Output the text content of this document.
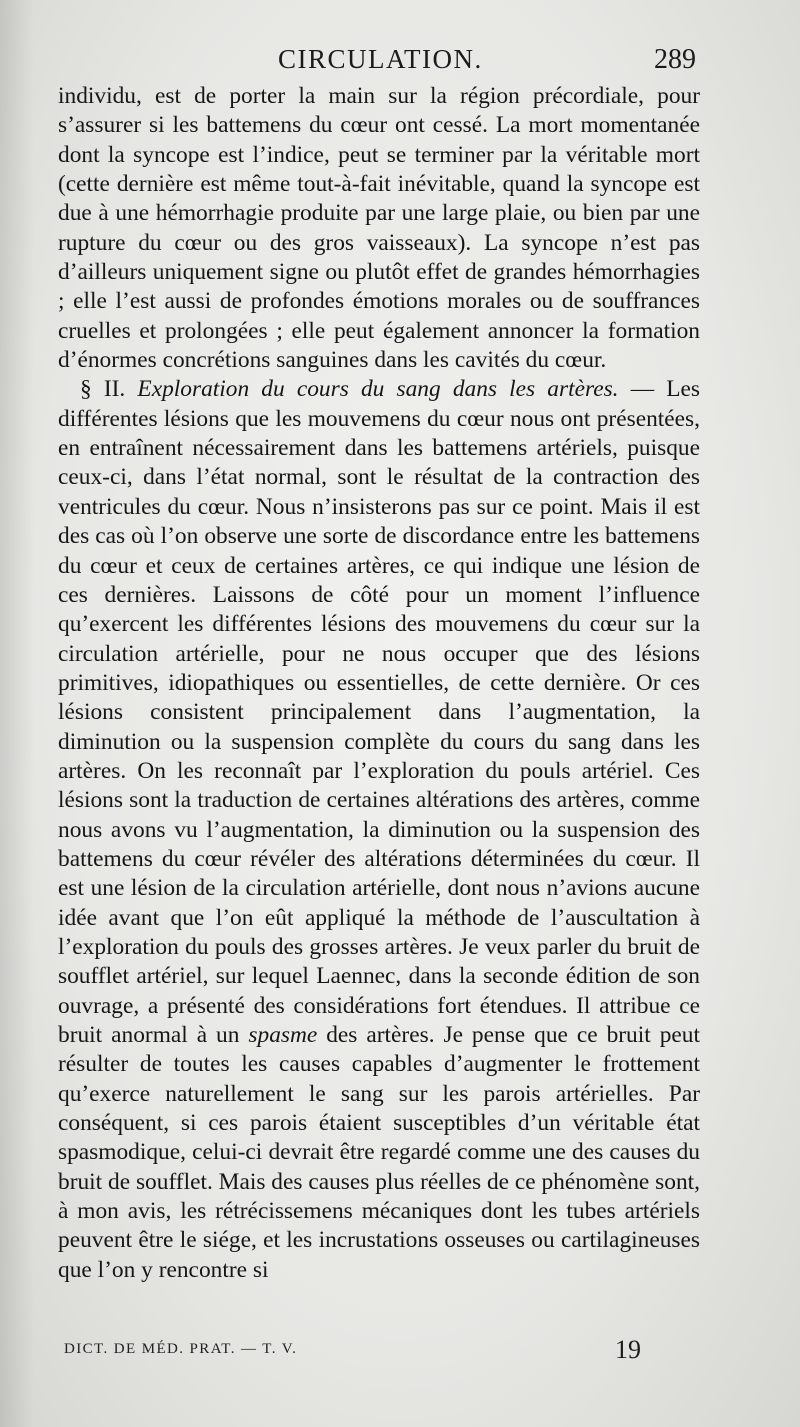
CIRCULATION.	289

individu, est de porter la main sur la région précordiale, pour s’assurer si les battemens du cœur ont cessé. La mort momentanée dont la syncope est l’indice, peut se terminer par la véritable mort (cette dernière est même tout-à-fait inévitable, quand la syncope est due à une hémorrhagie produite par une large plaie, ou bien par une rupture du cœur ou des gros vaisseaux). La syncope n’est pas d’ailleurs uniquement signe ou plutôt effet de grandes hémorrhagies ; elle l’est aussi de profondes émotions morales ou de souffrances cruelles et prolongées ; elle peut également annoncer la formation d’énormes concrétions sanguines dans les cavités du cœur.

§ II. Exploration du cours du sang dans les artères. — Les différentes lésions que les mouvemens du cœur nous ont présentées, en entraînent nécessairement dans les battemens artériels, puisque ceux-ci, dans l’état normal, sont le résultat de la contraction des ventricules du cœur. Nous n’insisterons pas sur ce point. Mais il est des cas où l’on observe une sorte de discordance entre les battemens du cœur et ceux de certaines artères, ce qui indique une lésion de ces dernières. Laissons de côté pour un moment l’influence qu’exercent les différentes lésions des mouvemens du cœur sur la circulation artérielle, pour ne nous occuper que des lésions primitives, idiopathiques ou essentielles, de cette dernière. Or ces lésions consistent principalement dans l’augmentation, la diminution ou la suspension complète du cours du sang dans les artères. On les reconnaît par l’exploration du pouls artériel. Ces lésions sont la traduction de certaines altérations des artères, comme nous avons vu l’augmentation, la diminution ou la suspension des battemens du cœur révéler des altérations déterminées du cœur. Il est une lésion de la circulation artérielle, dont nous n’avions aucune idée avant que l’on eût appliqué la méthode de l’auscultation à l’exploration du pouls des grosses artères. Je veux parler du bruit de soufflet artériel, sur lequel Laennec, dans la seconde édition de son ouvrage, a présenté des considérations fort étendues. Il attribue ce bruit anormal à un spasme des artères. Je pense que ce bruit peut résulter de toutes les causes capables d’augmenter le frottement qu’exerce naturellement le sang sur les parois artérielles. Par conséquent, si ces parois étaient susceptibles d’un véritable état spasmodique, celui-ci devrait être regardé comme une des causes du bruit de soufflet. Mais des causes plus réelles de ce phénomène sont, à mon avis, les rétrécissemens mécaniques dont les tubes artériels peuvent être le siége, et les incrustations osseuses ou cartilagineuses que l’on y rencontre si

DICT. DE MÉD. PRAT. — T. V.	19
